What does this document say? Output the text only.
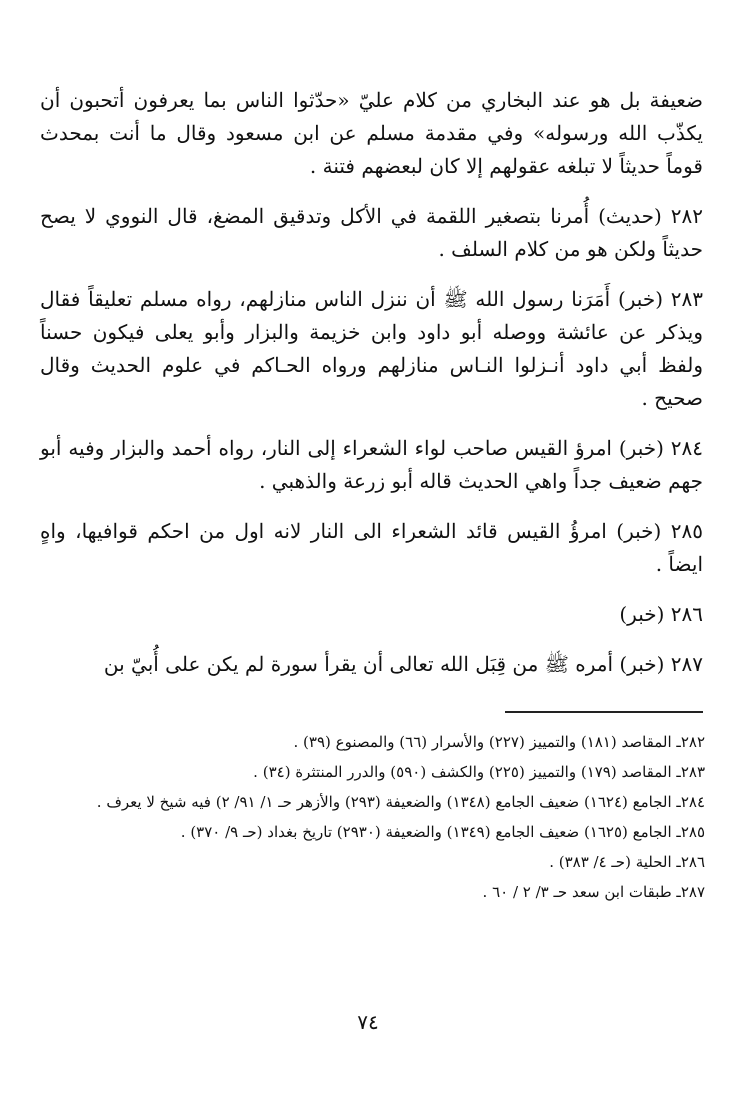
ضعيفة بل هو عند البخاري من كلام عليّ «حدّثوا الناس بما يعرفون أتحبون أن يكذّب الله ورسوله» وفي مقدمة مسلم عن ابن مسعود وقال ما أنت بمحدث قوماً حديثاً لا تبلغه عقولهم إلا كان لبعضهم فتنة .

٢٨٢ (حديث) أُمرنا بتصغير اللقمة في الأكل وتدقيق المضغ، قال النووي لا يصح حديثاً ولكن هو من كلام السلف .

٢٨٣ (خبر) أَمَرَنا رسول الله ﷺ أن ننزل الناس منازلهم، رواه مسلم تعليقاً فقال ويذكر عن عائشة ووصله أبو داود وابن خزيمة والبزار وأبو يعلى فيكون حسناً ولفظ أبي داود أنـزلوا النـاس منازلهم ورواه الحـاكم في علوم الحديث وقال صحيح .

٢٨٤ (خبر) امرؤ القيس صاحب لواء الشعراء إلى النار، رواه أحمد والبزار وفيه أبو جهم ضعيف جداً واهي الحديث قاله أبو زرعة والذهبي .

٢٨٥ (خبر) امرؤُ القيس قائد الشعراء الى النار لانه اول من احكم قوافيها، واهٍ ايضاً .

٢٨٦ (خبر)

٢٨٧ (خبر) أمره ﷺ من قِبَل الله تعالى أن يقرأ سورة لم يكن على أُبيّ بن

٢٨٢ـ المقاصد (١٨١) والتمييز (٢٢٧) والأسرار (٦٦) والمصنوع (٣٩) .

٢٨٣ـ المقاصد (١٧٩) والتمييز (٢٢٥) والكشف (٥٩٠) والدرر المنتثرة (٣٤) .

٢٨٤ـ الجامع (١٦٢٤) ضعيف الجامع (١٣٤٨) والضعيفة (٢٩٣) والأزهر حـ ١/ ٩١/ ٢) فيه شيخ لا يعرف .

٢٨٥ـ الجامع (١٦٢٥) ضعيف الجامع (١٣٤٩) والضعيفة (٢٩٣٠) تاريخ بغداد (حـ ٩/ ٣٧٠) .

٢٨٦ـ الحلية (حـ ٤/ ٣٨٣) .

٢٨٧ـ طبقات ابن سعد حـ ٣/ ٢ / ٦٠ .

٧٤
